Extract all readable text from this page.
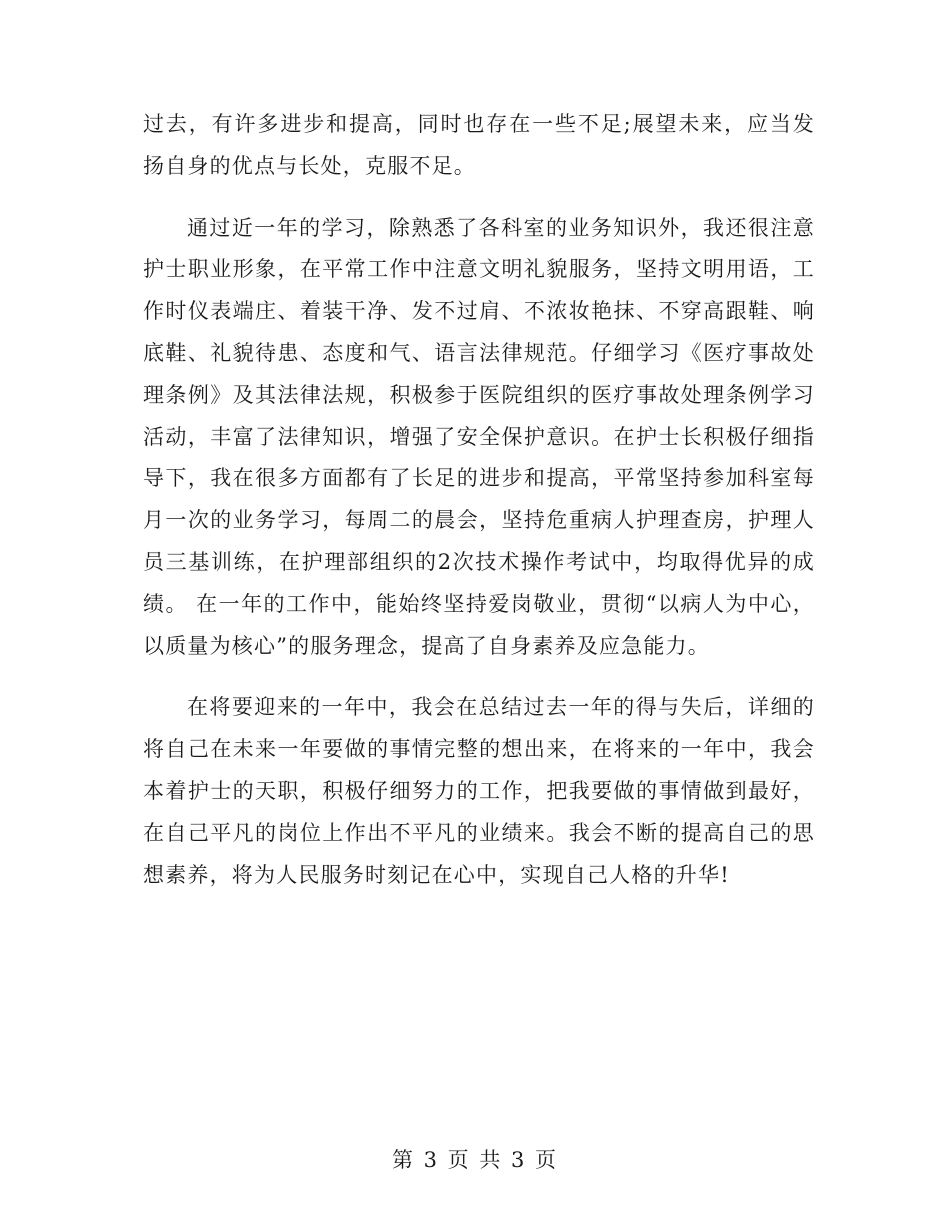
过去，有许多进步和提高，同时也存在一些不足;展望未来，应当发扬自身的优点与长处，克服不足。

通过近一年的学习，除熟悉了各科室的业务知识外，我还很注意护士职业形象，在平常工作中注意文明礼貌服务，坚持文明用语，工作时仪表端庄、着装干净、发不过肩、不浓妆艳抹、不穿高跟鞋、响底鞋、礼貌待患、态度和气、语言法律规范。仔细学习《医疗事故处理条例》及其法律法规，积极参于医院组织的医疗事故处理条例学习活动，丰富了法律知识，增强了安全保护意识。在护士长积极仔细指导下，我在很多方面都有了长足的进步和提高，平常坚持参加科室每月一次的业务学习，每周二的晨会，坚持危重病人护理查房，护理人员三基训练，在护理部组织的2次技术操作考试中，均取得优异的成绩。 在一年的工作中，能始终坚持爱岗敬业，贯彻“以病人为中心，以质量为核心”的服务理念，提高了自身素养及应急能力。

在将要迎来的一年中，我会在总结过去一年的得与失后，详细的将自己在未来一年要做的事情完整的想出来，在将来的一年中，我会本着护士的天职，积极仔细努力的工作，把我要做的事情做到最好，在自己平凡的岗位上作出不平凡的业绩来。我会不断的提高自己的思想素养，将为人民服务时刻记在心中，实现自己人格的升华!

第 3 页 共 3 页
